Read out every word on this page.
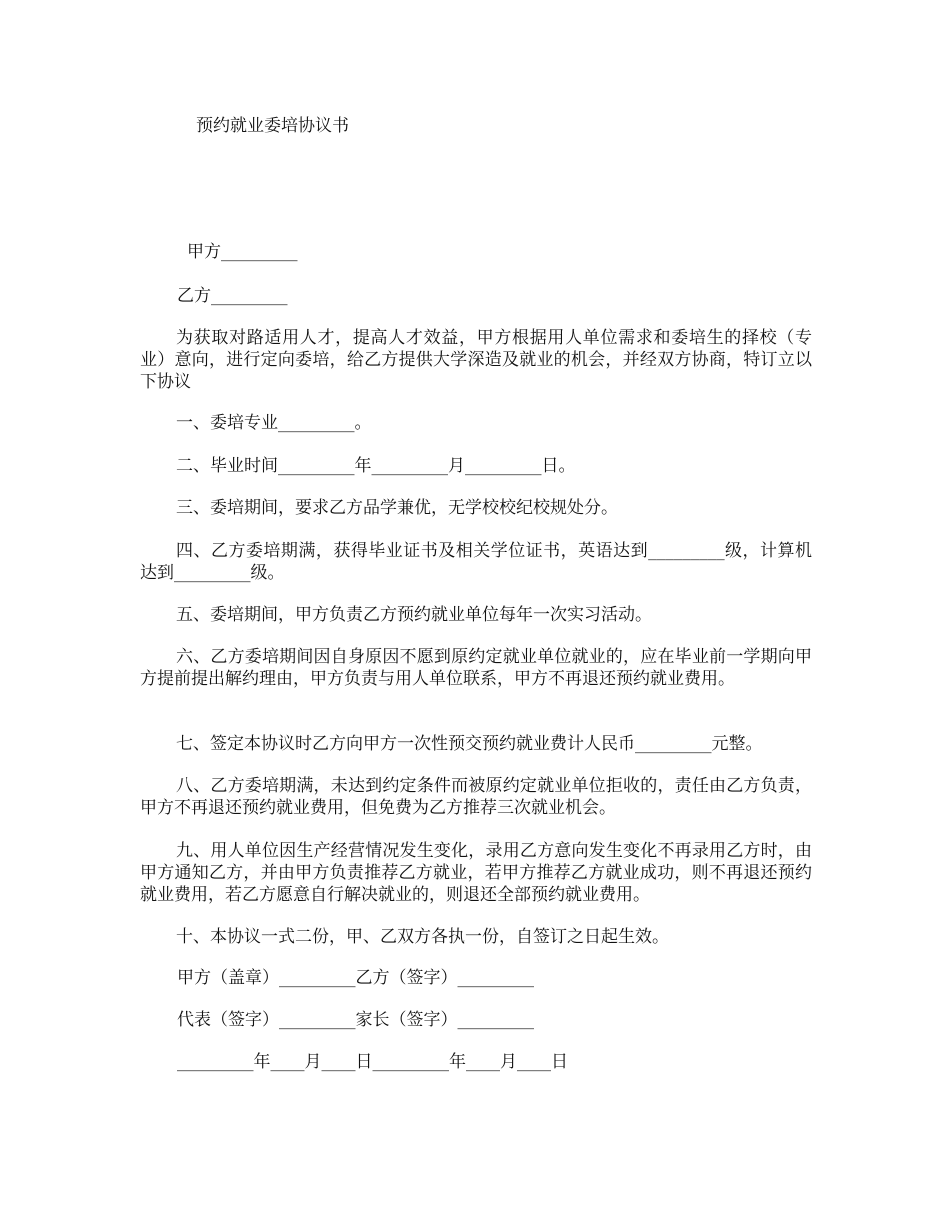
预约就业委培协议书
甲方_________
乙方_________
为获取对路适用人才，提高人才效益，甲方根据用人单位需求和委培生的择校（专业）意向，进行定向委培，给乙方提供大学深造及就业的机会，并经双方协商，特订立以下协议
一、委培专业_________。
二、毕业时间_________年_________月_________日。
三、委培期间，要求乙方品学兼优，无学校校纪校规处分。
四、乙方委培期满，获得毕业证书及相关学位证书，英语达到_________级，计算机达到_________级。
五、委培期间，甲方负责乙方预约就业单位每年一次实习活动。
六、乙方委培期间因自身原因不愿到原约定就业单位就业的，应在毕业前一学期向甲方提前提出解约理由，甲方负责与用人单位联系，甲方不再退还预约就业费用。
七、签定本协议时乙方向甲方一次性预交预约就业费计人民币_________元整。
八、乙方委培期满，未达到约定条件而被原约定就业单位拒收的，责任由乙方负责，甲方不再退还预约就业费用，但免费为乙方推荐三次就业机会。
九、用人单位因生产经营情况发生变化，录用乙方意向发生变化不再录用乙方时，由甲方通知乙方，并由甲方负责推荐乙方就业，若甲方推荐乙方就业成功，则不再退还预约就业费用，若乙方愿意自行解决就业的，则退还全部预约就业费用。
十、本协议一式二份，甲、乙双方各执一份，自签订之日起生效。
甲方（盖章）_________乙方（签字）_________
代表（签字）_________家长（签字）_________
_________年____月____日_________年____月____日
